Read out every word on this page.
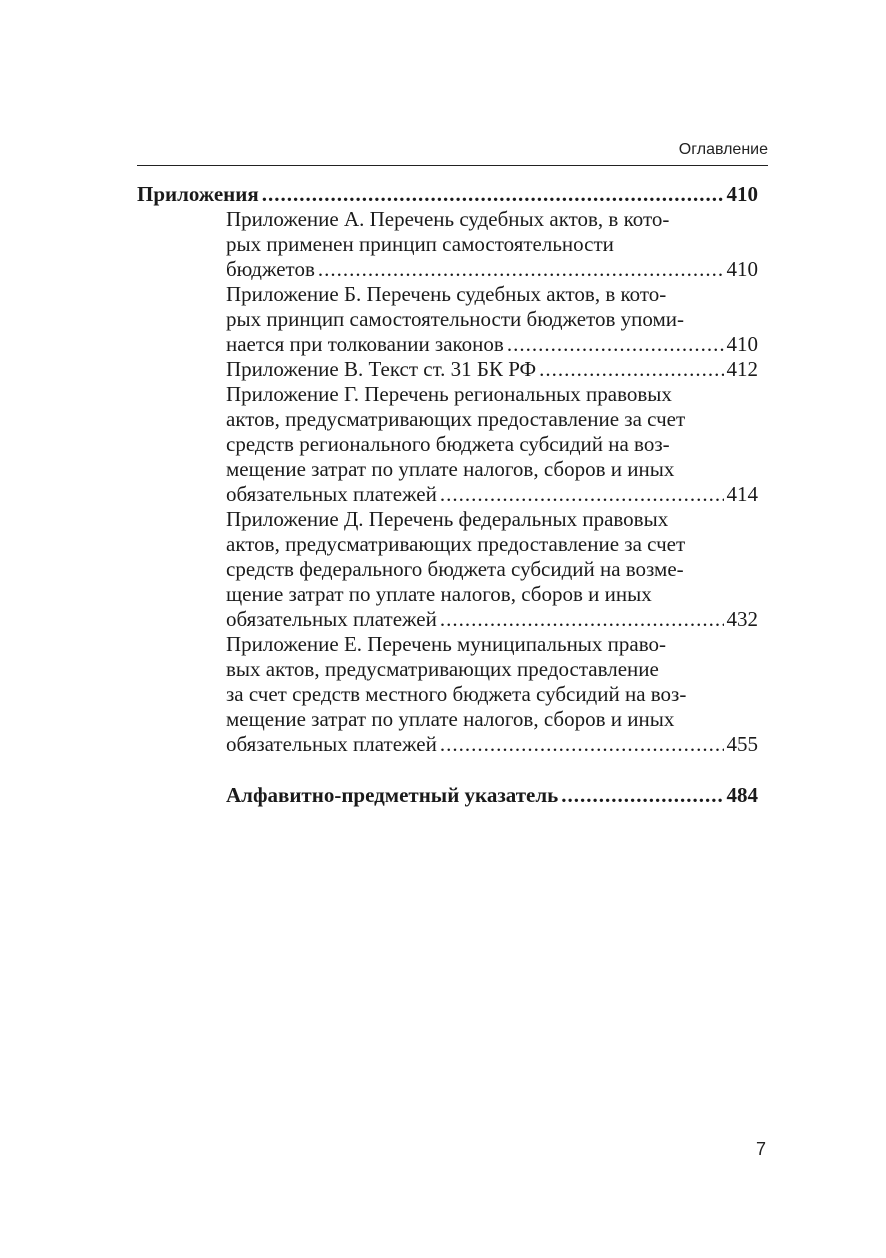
Оглавление
Приложения .....	410
Приложение А. Перечень судебных актов, в кото-
рых применен принцип самостоятельности
бюджетов .....	410
Приложение Б. Перечень судебных актов, в кото-
рых принцип самостоятельности бюджетов упоми-
нается при толковании законов .....	410
Приложение В. Текст ст. 31 БК РФ .....	412
Приложение Г. Перечень региональных правовых
актов, предусматривающих предоставление за счет
средств регионального бюджета субсидий на воз-
мещение затрат по уплате налогов, сборов и иных
обязательных платежей .....	414
Приложение Д. Перечень федеральных правовых
актов, предусматривающих предоставление за счет
средств федерального бюджета субсидий на возме-
щение затрат по уплате налогов, сборов и иных
обязательных платежей .....	432
Приложение Е. Перечень муниципальных право-
вых актов, предусматривающих предоставление
за счет средств местного бюджета субсидий на воз-
мещение затрат по уплате налогов, сборов и иных
обязательных платежей .....	455
Алфавитно-предметный указатель .....	484
7
